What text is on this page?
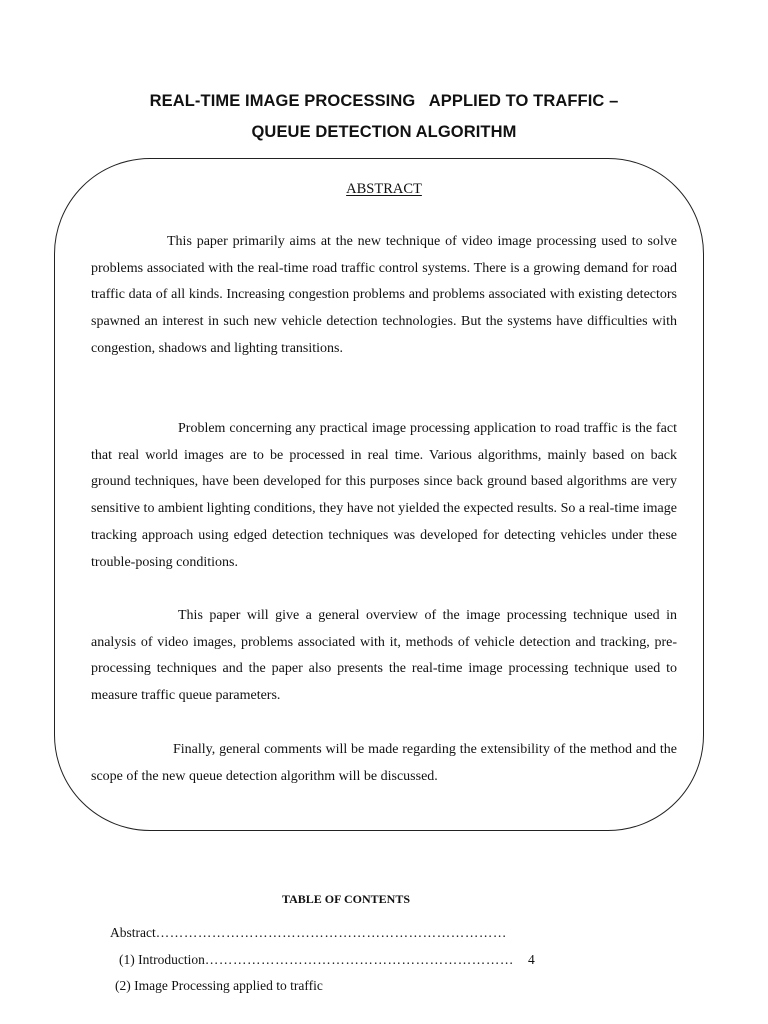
REAL-TIME IMAGE PROCESSING   APPLIED TO TRAFFIC –
QUEUE DETECTION ALGORITHM
ABSTRACT

This paper primarily aims at the new technique of video image processing used to solve problems associated with the real-time road traffic control systems. There is a growing demand for road traffic data of all kinds. Increasing congestion problems and problems associated with existing detectors spawned an interest in such new vehicle detection technologies. But the systems have difficulties with congestion, shadows and lighting transitions.

Problem concerning any practical image processing application to road traffic is the fact that real world images are to be processed in real time. Various algorithms, mainly based on back ground techniques, have been developed for this purposes since back ground based algorithms are very sensitive to ambient lighting conditions, they have not yielded the expected results. So a real-time image tracking approach using edged detection techniques was developed for detecting vehicles under these trouble-posing conditions.

This paper will give a general overview of the image processing technique used in analysis of video images, problems associated with it, methods of vehicle detection and tracking, pre-processing techniques and the paper also presents the real-time image processing technique used to measure traffic queue parameters.

Finally, general comments will be made regarding the extensibility of the method and the scope of the new queue detection algorithm will be discussed.

TABLE OF CONTENTS
Abstract…………………………………………………………………
(1) Introduction………………………………………………………… 4
(2) Image Processing applied to traffic
